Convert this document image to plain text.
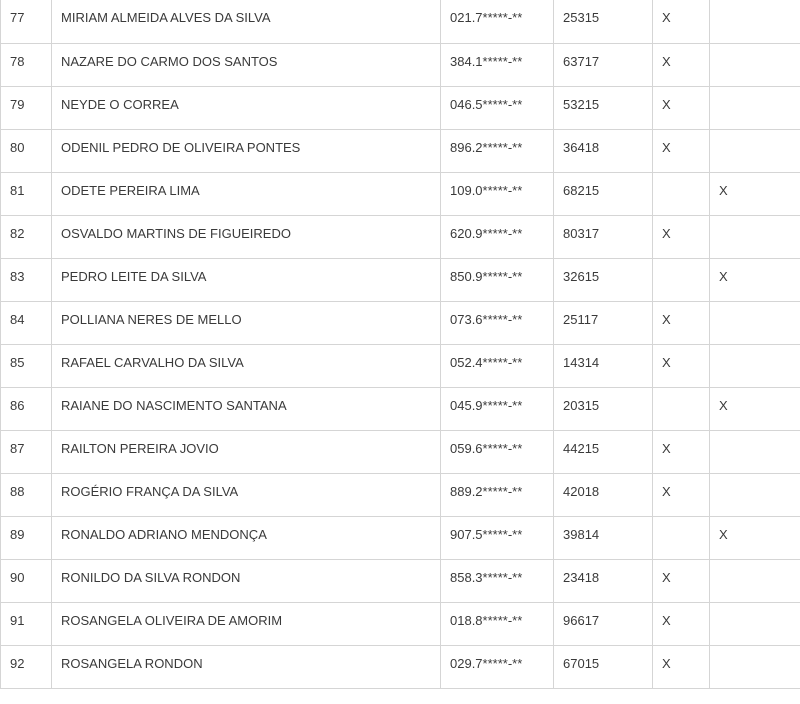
77	MIRIAM ALMEIDA ALVES DA SILVA	021.7*****-**	25315	X	
78	NAZARE DO CARMO DOS SANTOS	384.1*****-**	63717	X	
79	NEYDE O CORREA	046.5*****-**	53215	X	
80	ODENIL PEDRO DE OLIVEIRA PONTES	896.2*****-**	36418	X	
81	ODETE PEREIRA LIMA	109.0*****-**	68215		X
82	OSVALDO MARTINS DE FIGUEIREDO	620.9*****-**	80317	X	
83	PEDRO LEITE DA SILVA	850.9*****-**	32615		X
84	POLLIANA NERES DE MELLO	073.6*****-**	25117	X	
85	RAFAEL CARVALHO DA SILVA	052.4*****-**	14314	X	
86	RAIANE DO NASCIMENTO SANTANA	045.9*****-**	20315		X
87	RAILTON PEREIRA JOVIO	059.6*****-**	44215	X	
88	ROGÉRIO FRANÇA DA SILVA	889.2*****-**	42018	X	
89	RONALDO ADRIANO MENDONÇA	907.5*****-**	39814		X
90	RONILDO DA SILVA RONDON	858.3*****-**	23418	X	
91	ROSANGELA OLIVEIRA DE AMORIM	018.8*****-**	96617	X	
92	ROSANGELA RONDON	029.7*****-**	67015	X	
